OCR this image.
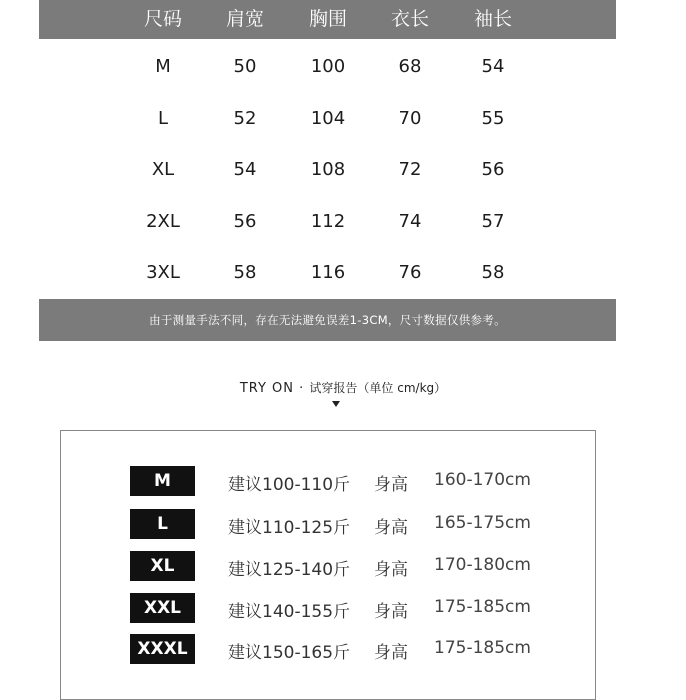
尺码 肩宽 胸围 衣长 袖长
M	50	100	68	54
L	52	104	70	55
XL	54	108	72	56
2XL	56	112	74	57
3XL	58	116	76	58
由于测量手法不同，存在无法避免误差1-3CM，尺寸数据仅供参考。
TRY ON · 试穿报告（单位 cm/kg）
M	建议100-110斤 身高 160-170cm
L	建议110-125斤 身高 165-175cm
XL	建议125-140斤 身高 170-180cm
XXL	建议140-155斤 身高 175-185cm
XXXL	建议150-165斤 身高 175-185cm
